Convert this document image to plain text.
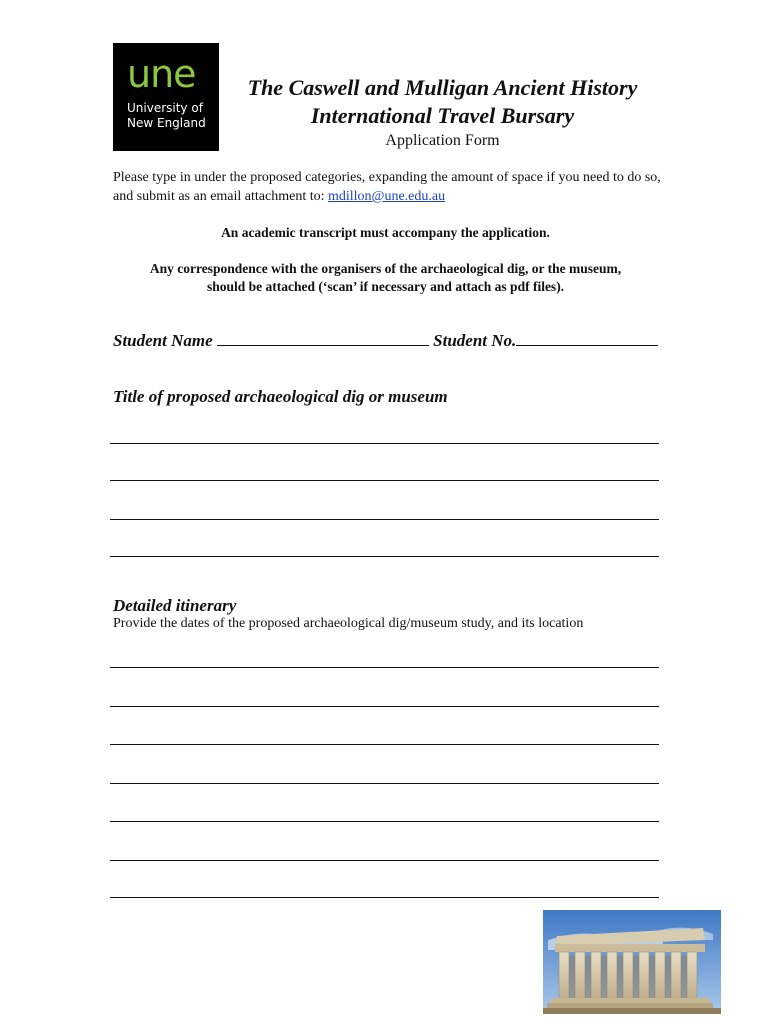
une
University of
New England
The Caswell and Mulligan Ancient History
International Travel Bursary
Application Form
Please type in under the proposed categories, expanding the amount of space if you need to do so, and submit as an email attachment to: mdillon@une.edu.au
An academic transcript must accompany the application.
Any correspondence with the organisers of the archaeological dig, or the museum,
should be attached (‘scan’ if necessary and attach as pdf files).
Student Name	Student No.
Title of proposed archaeological dig or museum
Detailed itinerary
Provide the dates of the proposed archaeological dig/museum study, and its location
